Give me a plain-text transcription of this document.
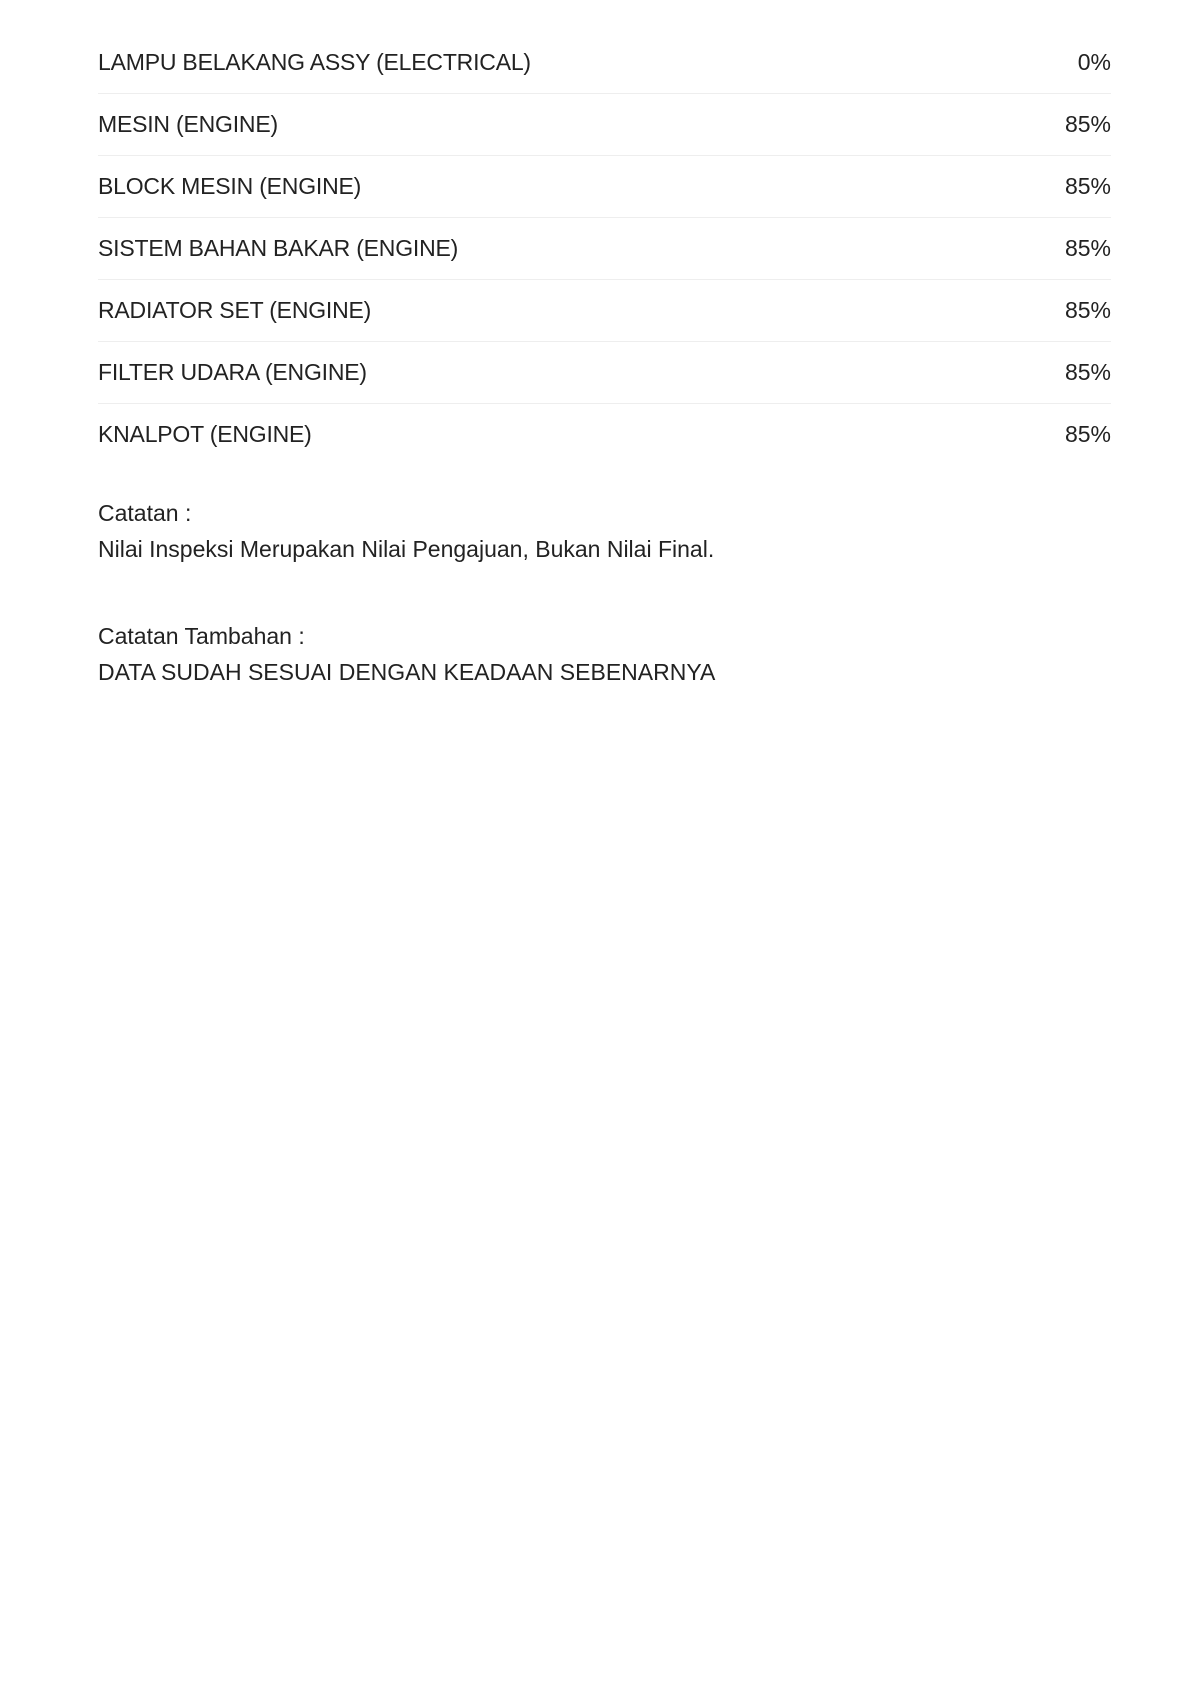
LAMPU BELAKANG ASSY (ELECTRICAL)	0%
MESIN (ENGINE)	85%
BLOCK MESIN (ENGINE)	85%
SISTEM BAHAN BAKAR (ENGINE)	85%
RADIATOR SET (ENGINE)	85%
FILTER UDARA (ENGINE)	85%
KNALPOT (ENGINE)	85%
Catatan :
Nilai Inspeksi Merupakan Nilai Pengajuan, Bukan Nilai Final.
Catatan Tambahan :
DATA SUDAH SESUAI DENGAN KEADAAN SEBENARNYA
